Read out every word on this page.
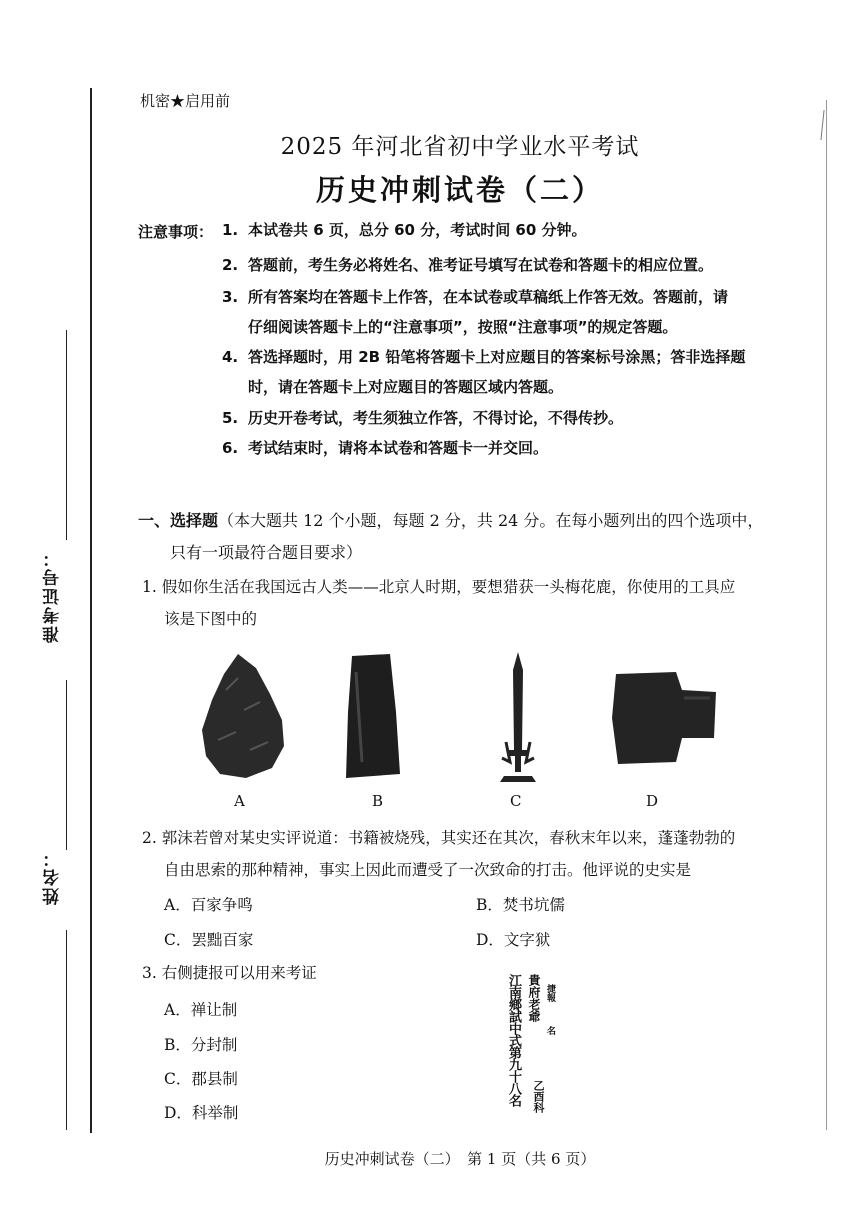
准考证号：
姓名：
机密★启用前
2025 年河北省初中学业水平考试
历史冲刺试卷（二）
注意事项： 1. 本试卷共 6 页，总分 60 分，考试时间 60 分钟。
2. 答题前，考生务必将姓名、准考证号填写在试卷和答题卡的相应位置。
3. 所有答案均在答题卡上作答，在本试卷或草稿纸上作答无效。答题前，请
仔细阅读答题卡上的“注意事项”，按照“注意事项”的规定答题。
4. 答选择题时，用 2B 铅笔将答题卡上对应题目的答案标号涂黑；答非选择题
时，请在答题卡上对应题目的答题区域内答题。
5. 历史开卷考试，考生须独立作答，不得讨论，不得传抄。
6. 考试结束时，请将本试卷和答题卡一并交回。
一、选择题（本大题共 12 个小题，每题 2 分，共 24 分。在每小题列出的四个选项中，
只有一项最符合题目要求）
1. 假如你生活在我国远古人类——北京人时期，要想猎获一头梅花鹿，你使用的工具应
该是下图中的
A	B	C	D
2. 郭沫若曾对某史实评说道：书籍被烧残，其实还在其次，春秋末年以来，蓬蓬勃勃的
自由思索的那种精神，事实上因此而遭受了一次致命的打击。他评说的史实是
A．百家争鸣	B．焚书坑儒
C．罢黜百家	D．文字狱
3. 右侧捷报可以用来考证
A．禅让制
B．分封制
C．郡县制
D．科举制
江南鄉試中式第九十八名 貴府老爺 捷報
名
乙酉科
历史冲刺试卷（二）　第 1 页（共 6 页）
